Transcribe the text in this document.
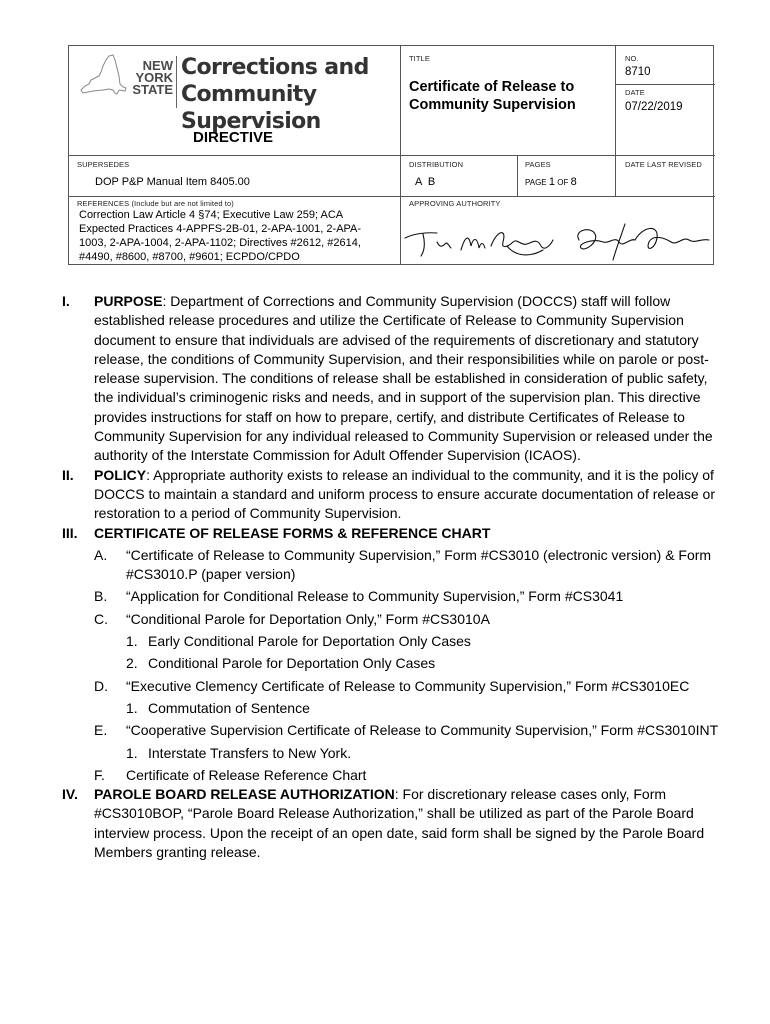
NEW YORK STATE
Corrections and
Community Supervision
DIRECTIVE
TITLE
Certificate of Release to
Community Supervision
NO.
8710
DATE
07/22/2019
SUPERSEDES
DOP P&P Manual Item 8405.00
DISTRIBUTION
A  B
PAGES
PAGE 1 OF 8
DATE LAST REVISED
REFERENCES (Include but are not limited to)
Correction Law Article 4 §74; Executive Law 259; ACA Expected Practices 4-APPFS-2B-01, 2-APA-1001, 2-APA-1003, 2-APA-1004, 2-APA-1102; Directives #2612, #2614, #4490, #8600, #8700, #9601; ECPDO/CPDO
APPROVING AUTHORITY
I. PURPOSE: Department of Corrections and Community Supervision (DOCCS) staff will follow established release procedures and utilize the Certificate of Release to Community Supervision document to ensure that individuals are advised of the requirements of discretionary and statutory release, the conditions of Community Supervision, and their responsibilities while on parole or post-release supervision. The conditions of release shall be established in consideration of public safety, the individual’s criminogenic risks and needs, and in support of the supervision plan. This directive provides instructions for staff on how to prepare, certify, and distribute Certificates of Release to Community Supervision for any individual released to Community Supervision or released under the authority of the Interstate Commission for Adult Offender Supervision (ICAOS).
II. POLICY: Appropriate authority exists to release an individual to the community, and it is the policy of DOCCS to maintain a standard and uniform process to ensure accurate documentation of release or restoration to a period of Community Supervision.
III. CERTIFICATE OF RELEASE FORMS & REFERENCE CHART
A. “Certificate of Release to Community Supervision,” Form #CS3010 (electronic version) & Form #CS3010.P (paper version)
B. “Application for Conditional Release to Community Supervision,” Form #CS3041
C. “Conditional Parole for Deportation Only,” Form #CS3010A
1. Early Conditional Parole for Deportation Only Cases
2. Conditional Parole for Deportation Only Cases
D. “Executive Clemency Certificate of Release to Community Supervision,” Form #CS3010EC
1. Commutation of Sentence
E. “Cooperative Supervision Certificate of Release to Community Supervision,” Form #CS3010INT
1. Interstate Transfers to New York.
F. Certificate of Release Reference Chart
IV. PAROLE BOARD RELEASE AUTHORIZATION: For discretionary release cases only, Form #CS3010BOP, “Parole Board Release Authorization,” shall be utilized as part of the Parole Board interview process. Upon the receipt of an open date, said form shall be signed by the Parole Board Members granting release.
